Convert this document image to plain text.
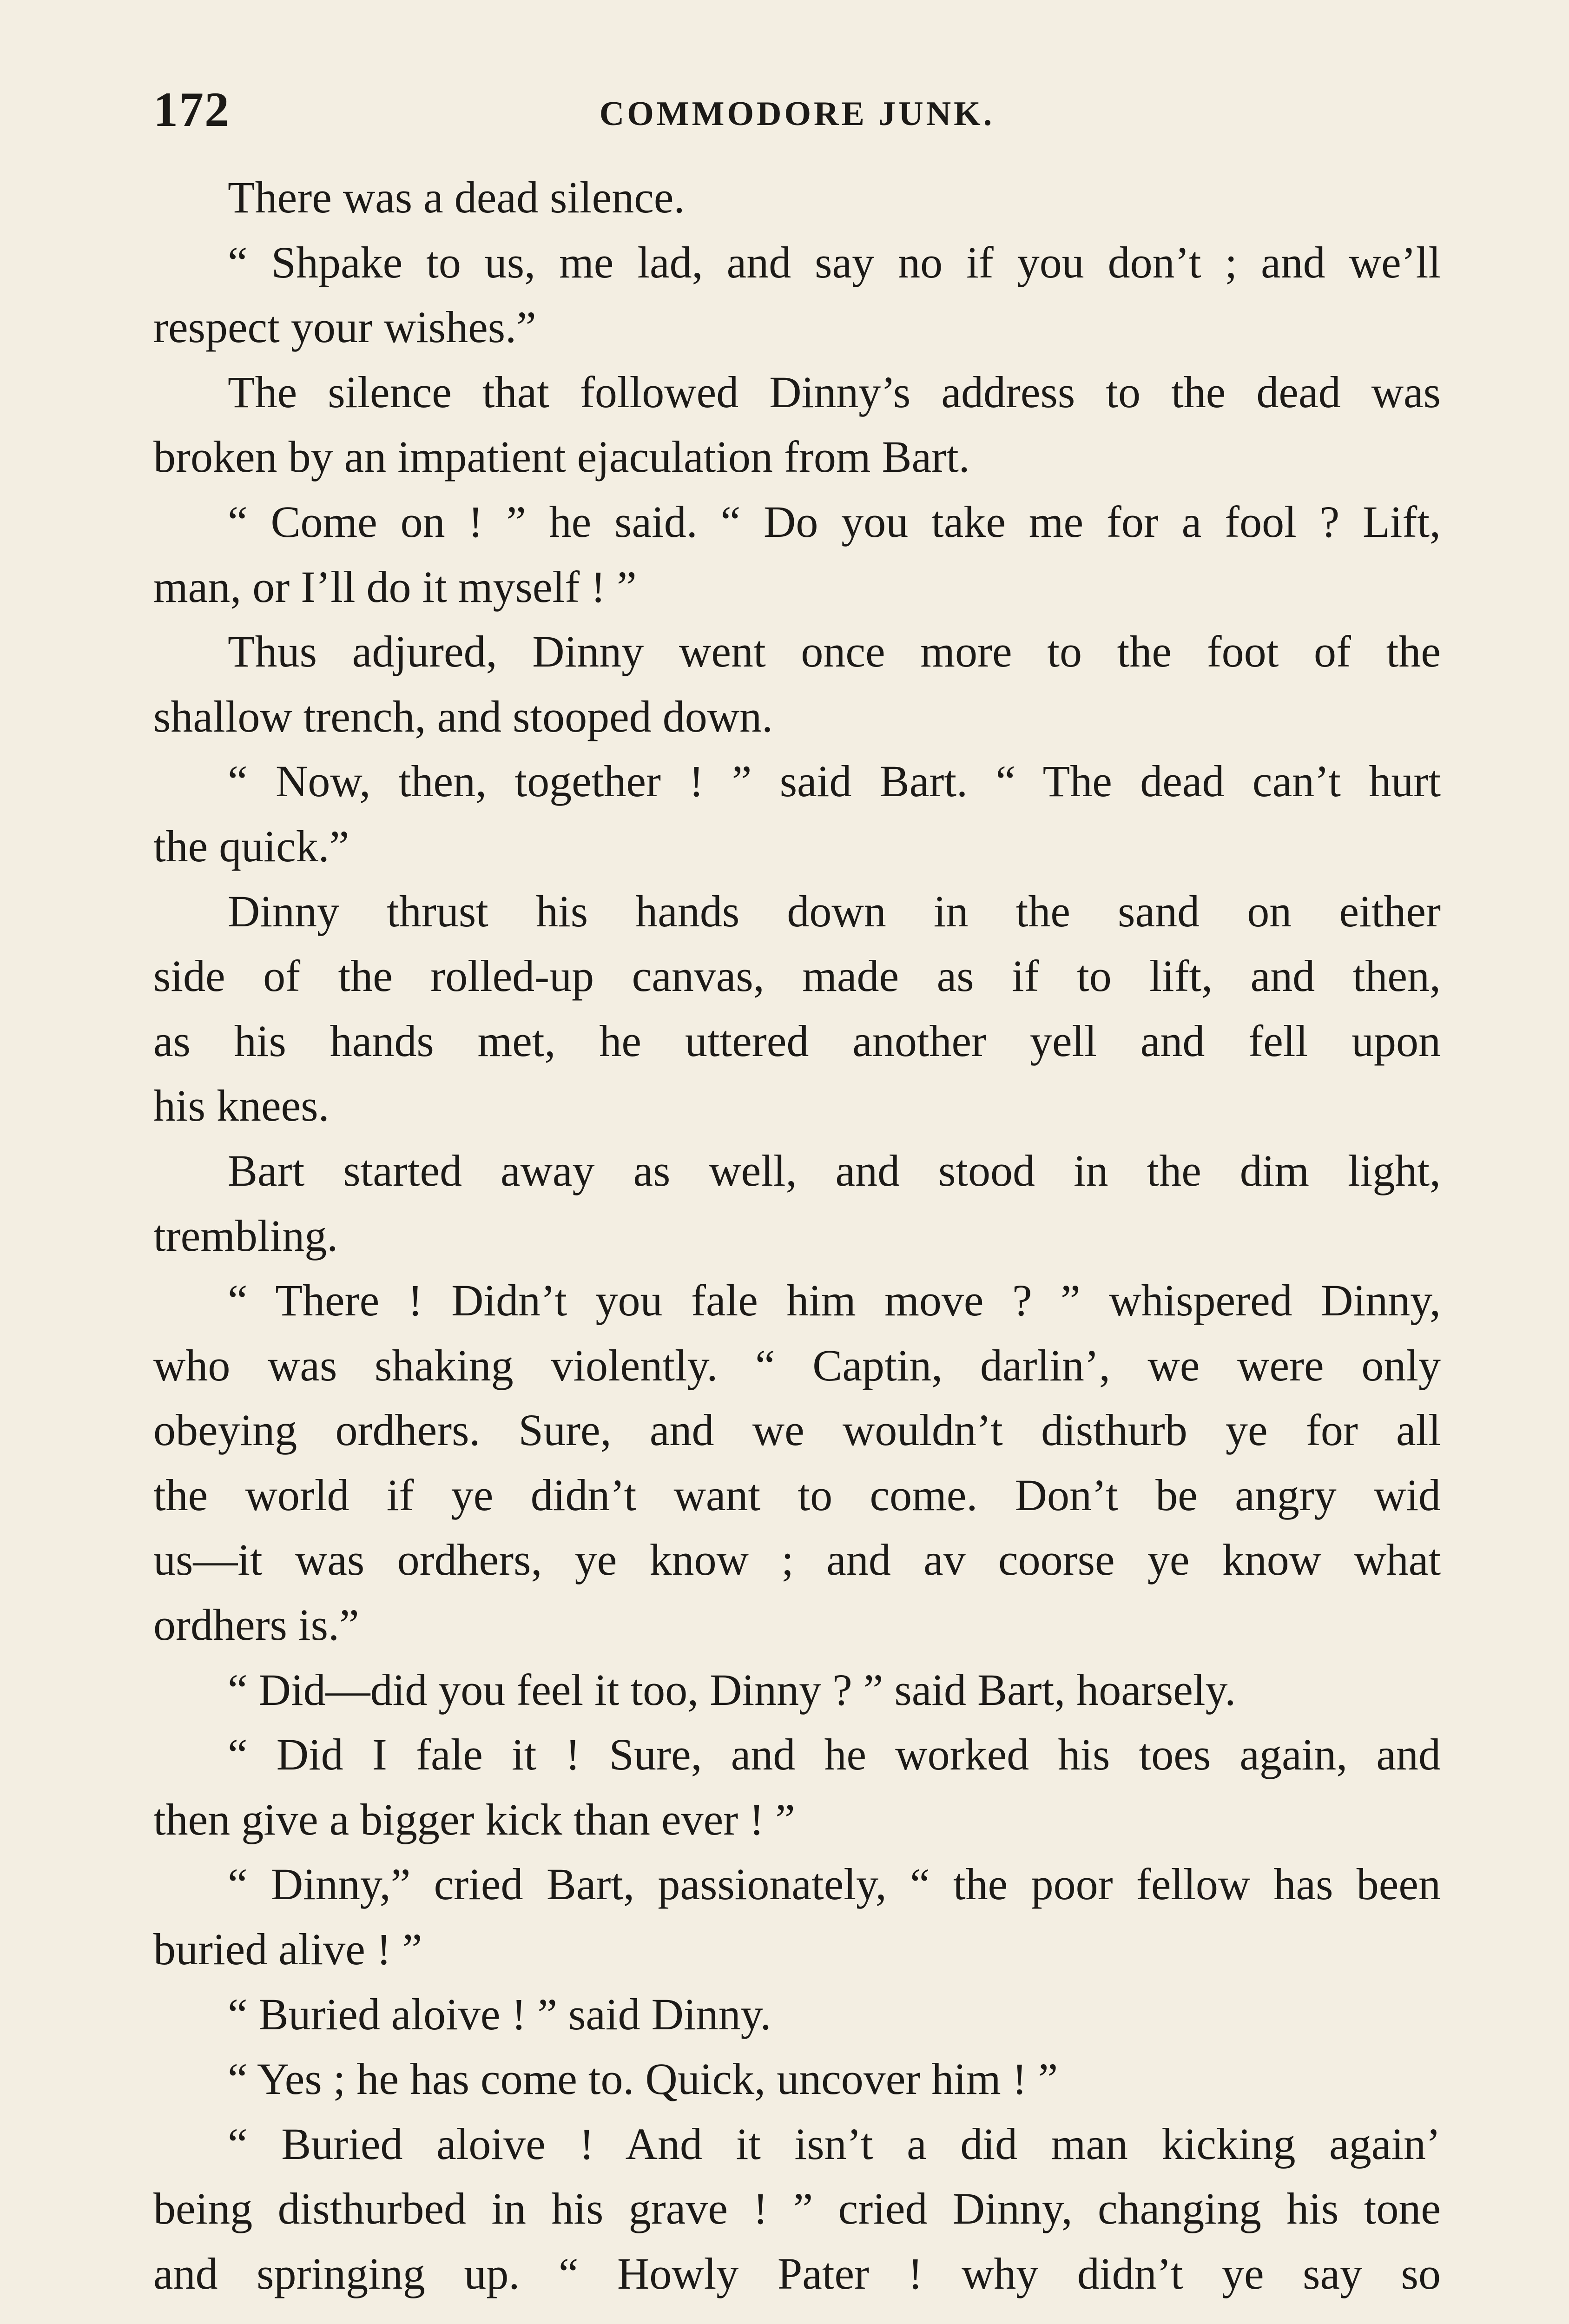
172	COMMODORE JUNK.
There was a dead silence.
“ Shpake to us, me lad, and say no if you don’t ; and we’ll
respect your wishes.”
The silence that followed Dinny’s address to the dead was
broken by an impatient ejaculation from Bart.
“ Come on ! ” he said. “ Do you take me for a fool ? Lift,
man, or I’ll do it myself ! ”
Thus adjured, Dinny went once more to the foot of the
shallow trench, and stooped down.
“ Now, then, together ! ” said Bart. “ The dead can’t hurt
the quick.”
Dinny thrust his hands down in the sand on either
side of the rolled-up canvas, made as if to lift, and then,
as his hands met, he uttered another yell and fell upon
his knees.
Bart started away as well, and stood in the dim light,
trembling.
“ There ! Didn’t you fale him move ? ” whispered Dinny,
who was shaking violently. “ Captin, darlin’, we were only
obeying ordhers. Sure, and we wouldn’t disthurb ye for all
the world if ye didn’t want to come. Don’t be angry wid
us—it was ordhers, ye know ; and av coorse ye know what
ordhers is.”
“ Did—did you feel it too, Dinny ? ” said Bart, hoarsely.
“ Did I fale it ! Sure, and he worked his toes again, and
then give a bigger kick than ever ! ”
“ Dinny,” cried Bart, passionately, “ the poor fellow has been
buried alive ! ”
“ Buried aloive ! ” said Dinny.
“ Yes ; he has come to. Quick, uncover him ! ”
“ Buried aloive ! And it isn’t a did man kicking again’
being disthurbed in his grave ! ” cried Dinny, changing his tone
and springing up. “ Howly Pater ! why didn’t ye say so
